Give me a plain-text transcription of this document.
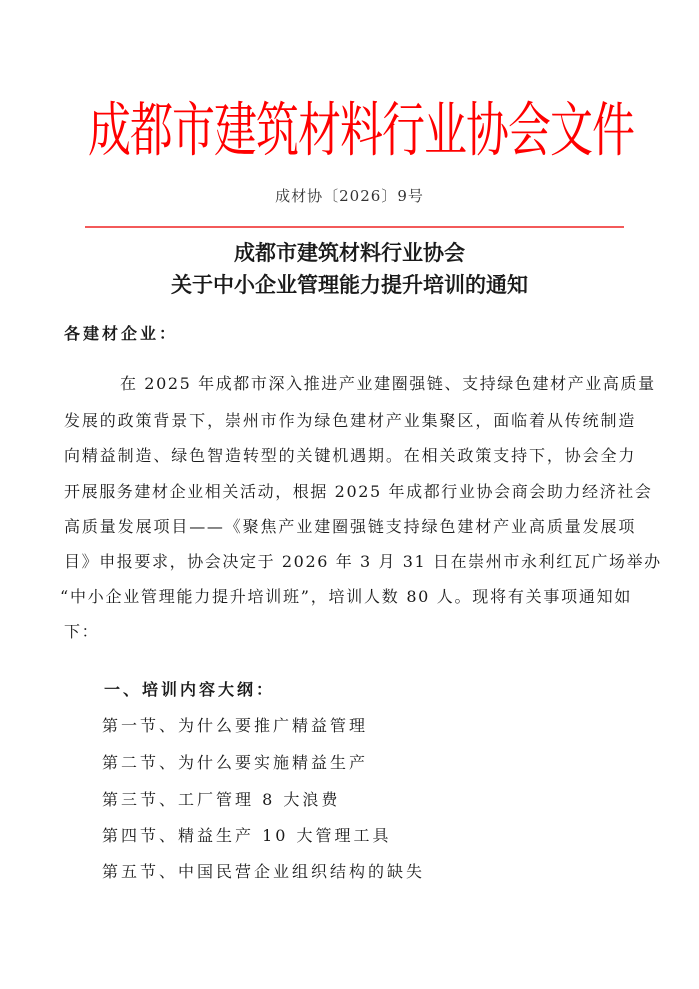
成都市建筑材料行业协会文件
成材协〔2026〕9号
成都市建筑材料行业协会
关于中小企业管理能力提升培训的通知
各建材企业：
在 2025 年成都市深入推进产业建圈强链、支持绿色建材产业高质量
发展的政策背景下，崇州市作为绿色建材产业集聚区，面临着从传统制造
向精益制造、绿色智造转型的关键机遇期。在相关政策支持下，协会全力
开展服务建材企业相关活动，根据 2025 年成都行业协会商会助力经济社会
高质量发展项目——《聚焦产业建圈强链支持绿色建材产业高质量发展项
目》申报要求，协会决定于 2026 年 3 月 31 日在崇州市永利红瓦广场举办
“中小企业管理能力提升培训班”，培训人数 80 人。现将有关事项通知如
下：
一、培训内容大纲：
第一节、为什么要推广精益管理
第二节、为什么要实施精益生产
第三节、工厂管理 8 大浪费
第四节、精益生产 10 大管理工具
第五节、中国民营企业组织结构的缺失
